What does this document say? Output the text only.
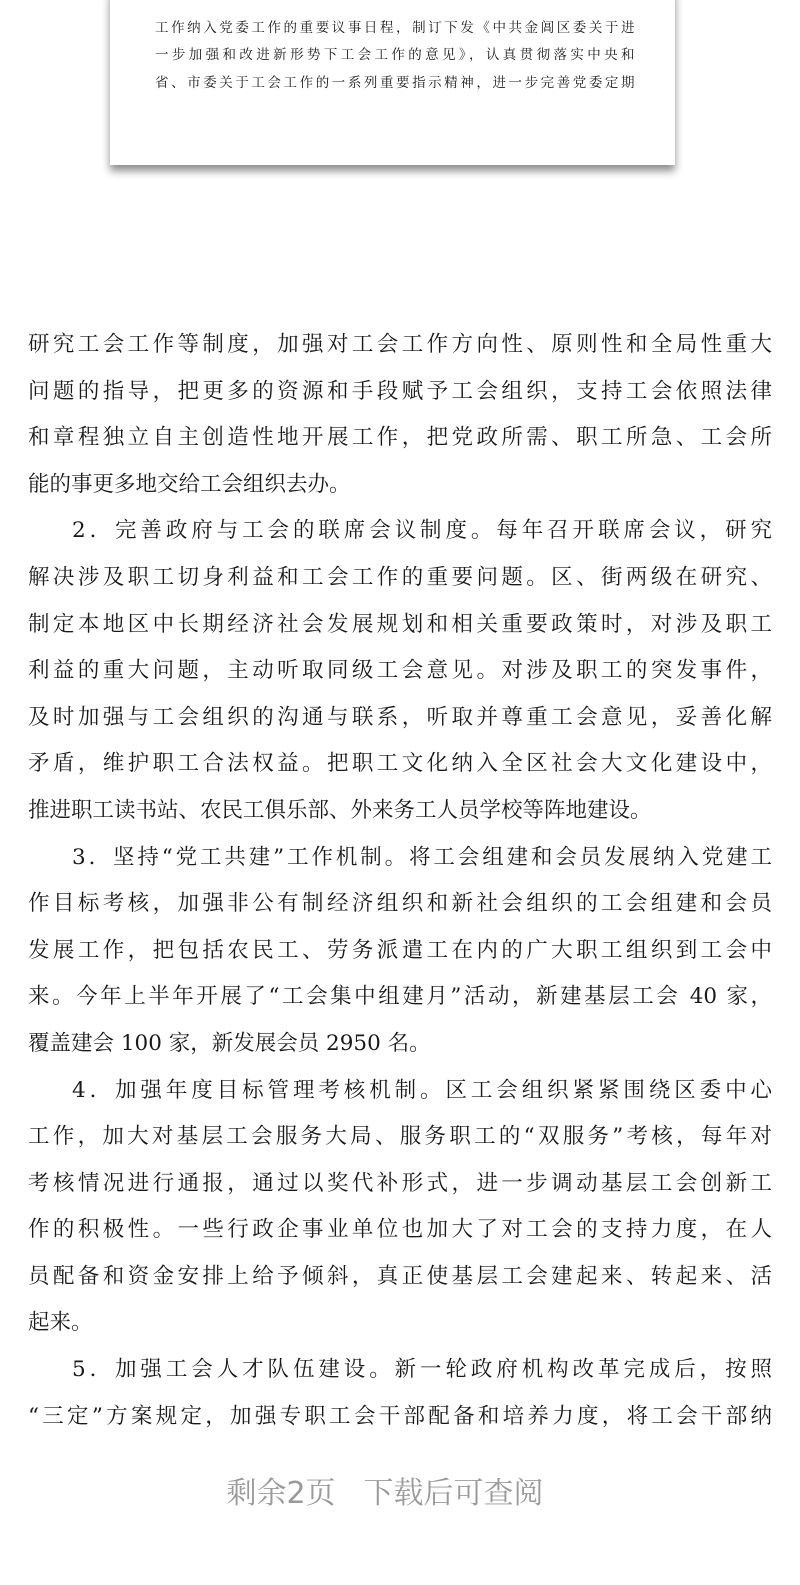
工作纳入党委工作的重要议事日程，制订下发《中共金阊区委关于进
一步加强和改进新形势下工会工作的意见》，认真贯彻落实中央和
省、市委关于工会工作的一系列重要指示精神，进一步完善党委定期
研究工会工作等制度，加强对工会工作方向性、原则性和全局性重大
问题的指导，把更多的资源和手段赋予工会组织，支持工会依照法律
和章程独立自主创造性地开展工作，把党政所需、职工所急、工会所
能的事更多地交给工会组织去办。
2．完善政府与工会的联席会议制度。每年召开联席会议，研究
解决涉及职工切身利益和工会工作的重要问题。区、街两级在研究、
制定本地区中长期经济社会发展规划和相关重要政策时，对涉及职工
利益的重大问题，主动听取同级工会意见。对涉及职工的突发事件，
及时加强与工会组织的沟通与联系，听取并尊重工会意见，妥善化解
矛盾，维护职工合法权益。把职工文化纳入全区社会大文化建设中，
推进职工读书站、农民工俱乐部、外来务工人员学校等阵地建设。
3．坚持“党工共建”工作机制。将工会组建和会员发展纳入党建工
作目标考核，加强非公有制经济组织和新社会组织的工会组建和会员
发展工作，把包括农民工、劳务派遣工在内的广大职工组织到工会中
来。今年上半年开展了“工会集中组建月”活动，新建基层工会 40 家，
覆盖建会 100 家，新发展会员 2950 名。
4．加强年度目标管理考核机制。区工会组织紧紧围绕区委中心
工作，加大对基层工会服务大局、服务职工的“双服务”考核，每年对
考核情况进行通报，通过以奖代补形式，进一步调动基层工会创新工
作的积极性。一些行政企事业单位也加大了对工会的支持力度，在人
员配备和资金安排上给予倾斜，真正使基层工会建起来、转起来、活
起来。
5．加强工会人才队伍建设。新一轮政府机构改革完成后，按照
“三定”方案规定，加强专职工会干部配备和培养力度，将工会干部纳
剩余2页 下载后可查阅
